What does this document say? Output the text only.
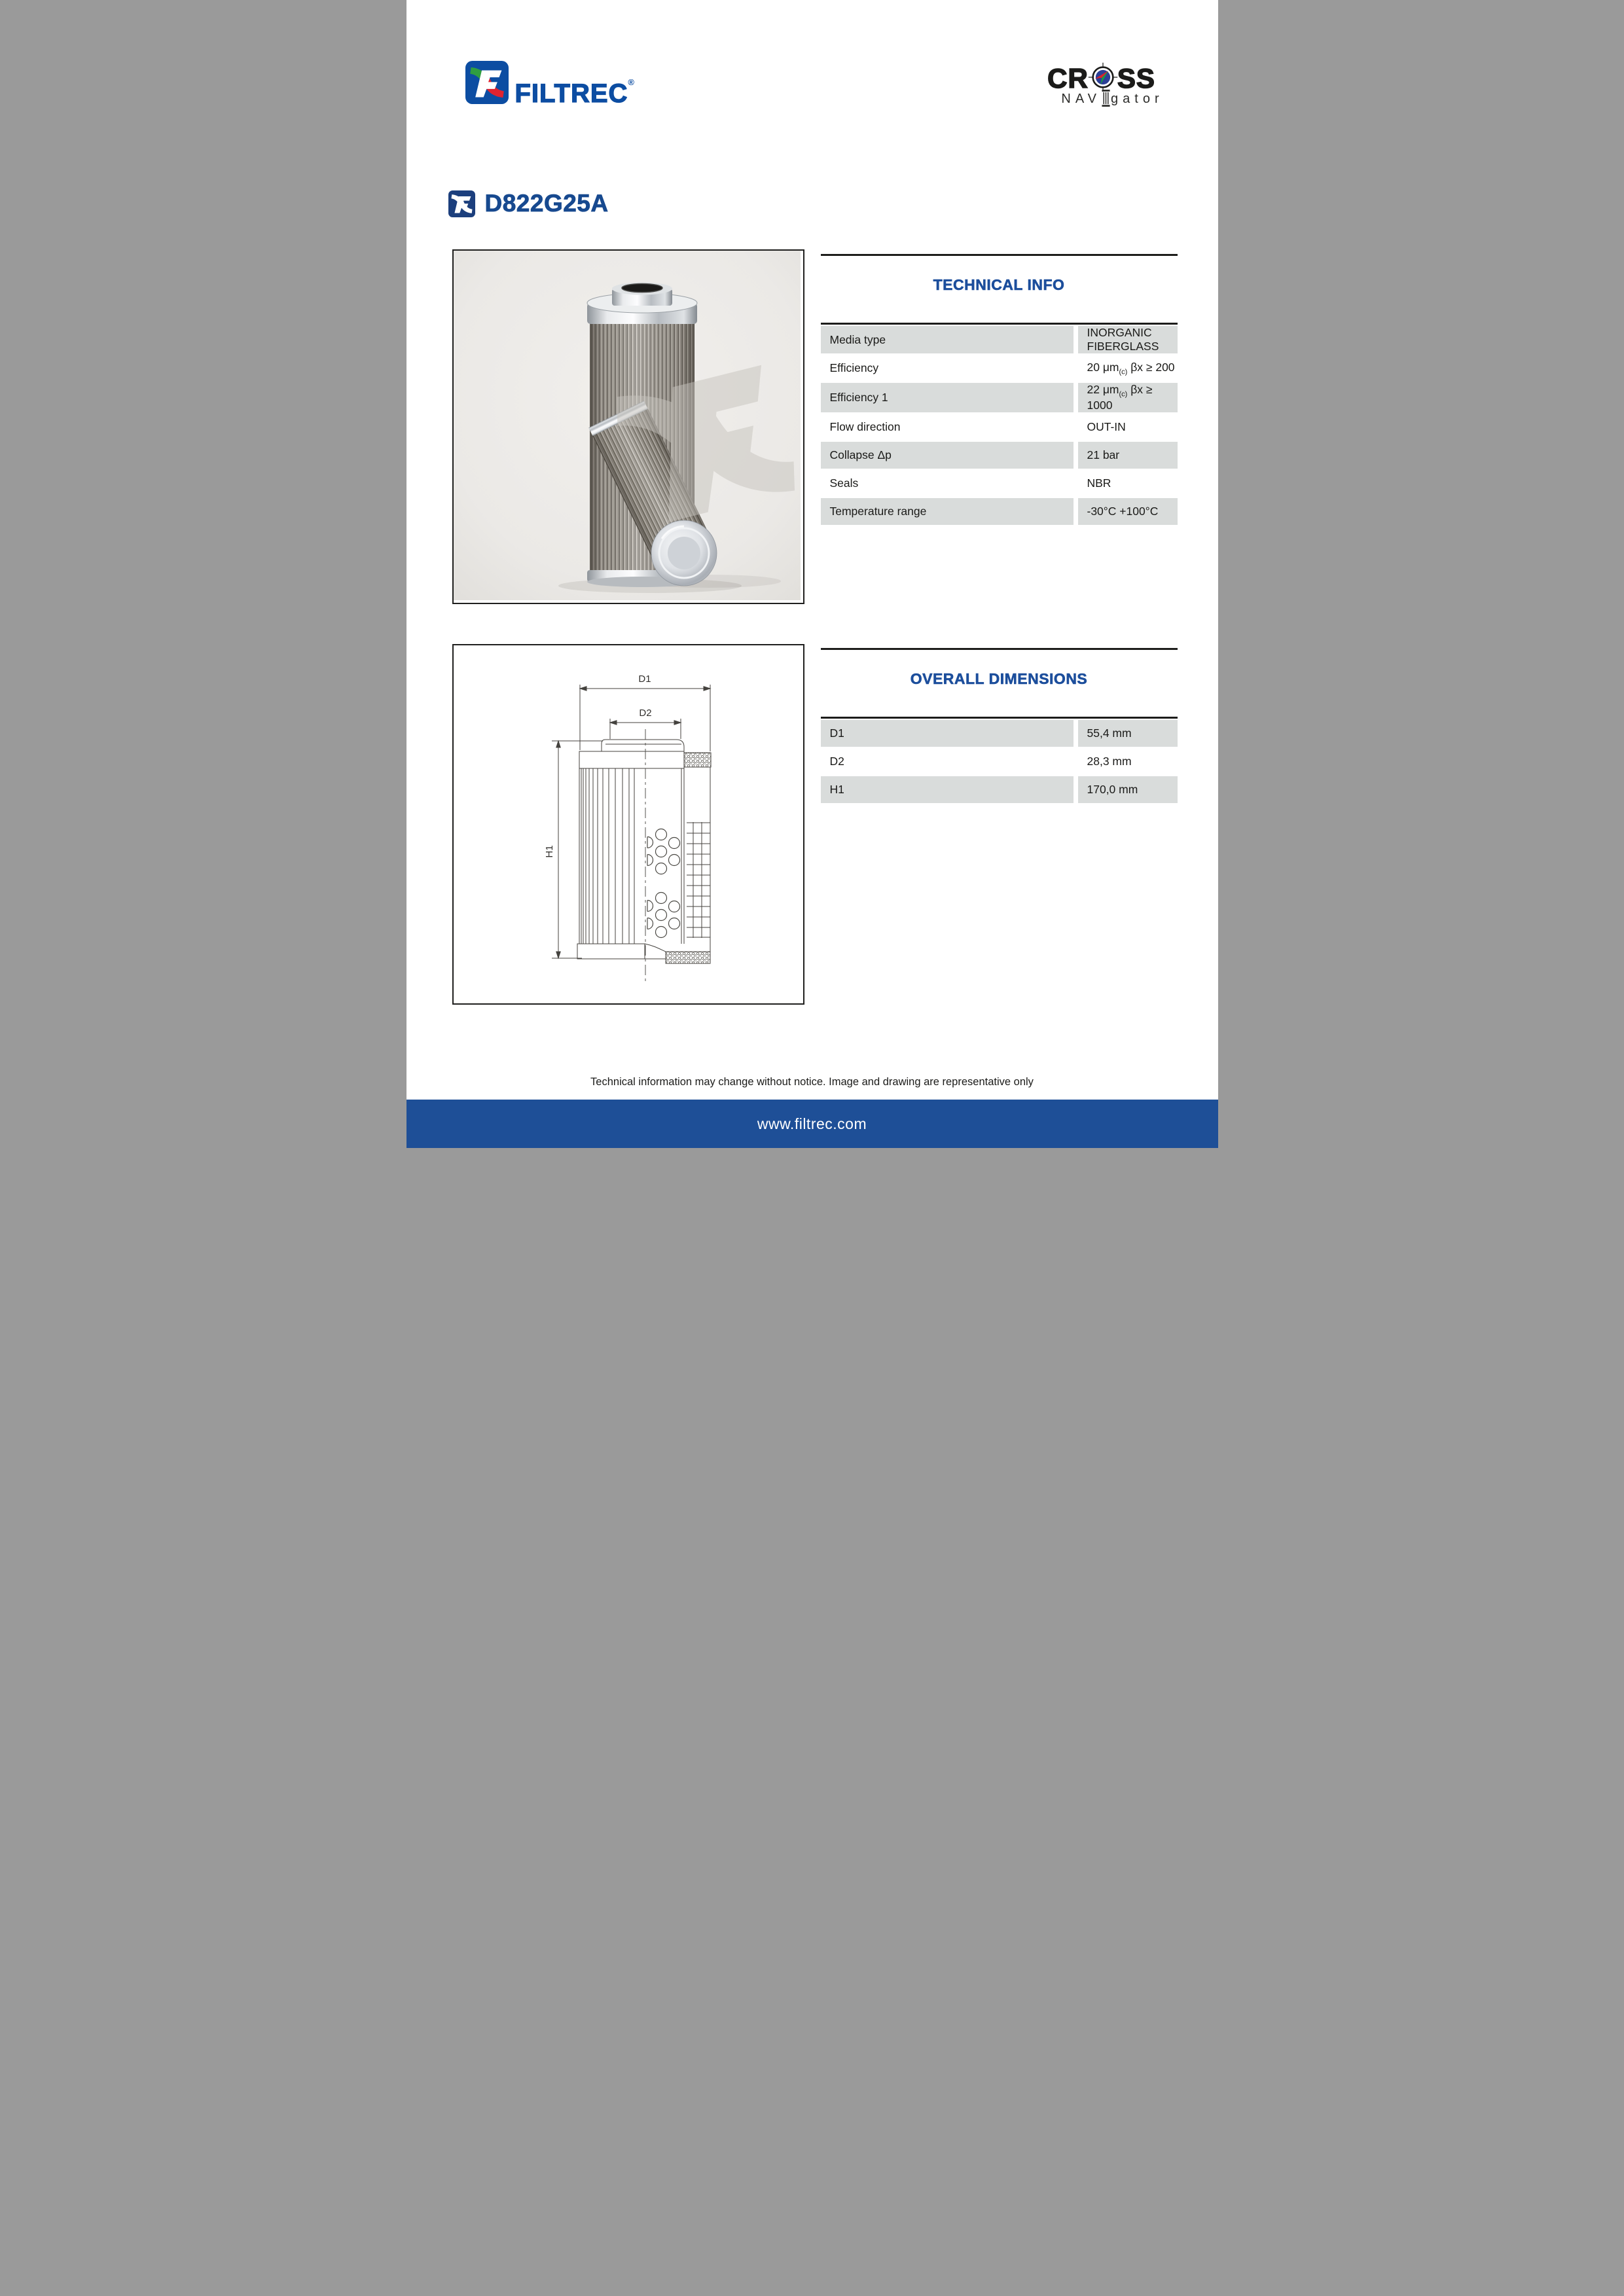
FILTREC®	CR SS
NAV gator
D822G25A
TECHNICAL INFO
Media type	INORGANIC FIBERGLASS
Efficiency	20 $\mu m_{(c)}$ βx ≥ 200
Efficiency 1	22 $\mu m_{(c)}$ βx ≥ 1000
Flow direction	OUT-IN
Collapse Δp	21 bar
Seals	NBR
Temperature range	-30°C +100°C
D1
D2
H1
OVERALL DIMENSIONS
D1	55,4 mm
D2	28,3 mm
H1	170,0 mm
Technical information may change without notice. Image and drawing are representative only
www.filtrec.com
